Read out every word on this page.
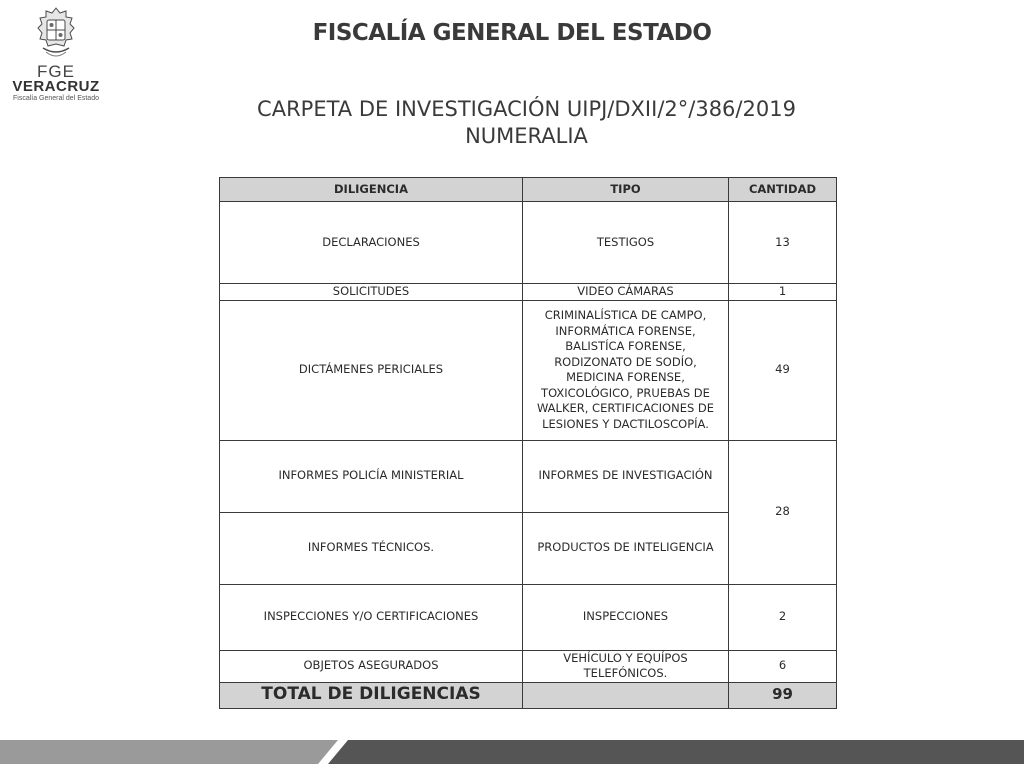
FGE
VERACRUZ
Fiscalía General del Estado
FISCALÍA GENERAL DEL ESTADO
CARPETA DE INVESTIGACIÓN UIPJ/DXII/2°/386/2019
NUMERALIA
DILIGENCIA	TIPO	CANTIDAD
DECLARACIONES	TESTIGOS	13
SOLICITUDES	VIDEO CÁMARAS	1
DICTÁMENES PERICIALES	CRIMINALÍSTICA DE CAMPO, INFORMÁTICA FORENSE, BALISTÍCA FORENSE, RODIZONATO DE SODÍO, MEDICINA FORENSE, TOXICOLÓGICO, PRUEBAS DE WALKER, CERTIFICACIONES DE LESIONES Y DACTILOSCOPÍA.	49
INFORMES POLICÍA MINISTERIAL	INFORMES DE INVESTIGACIÓN	28
INFORMES TÉCNICOS.	PRODUCTOS DE INTELIGENCIA	
INSPECCIONES Y/O CERTIFICACIONES	INSPECCIONES	2
OBJETOS ASEGURADOS	VEHÍCULO Y EQUÍPOS TELEFÓNICOS.	6
TOTAL DE DILIGENCIAS		99
